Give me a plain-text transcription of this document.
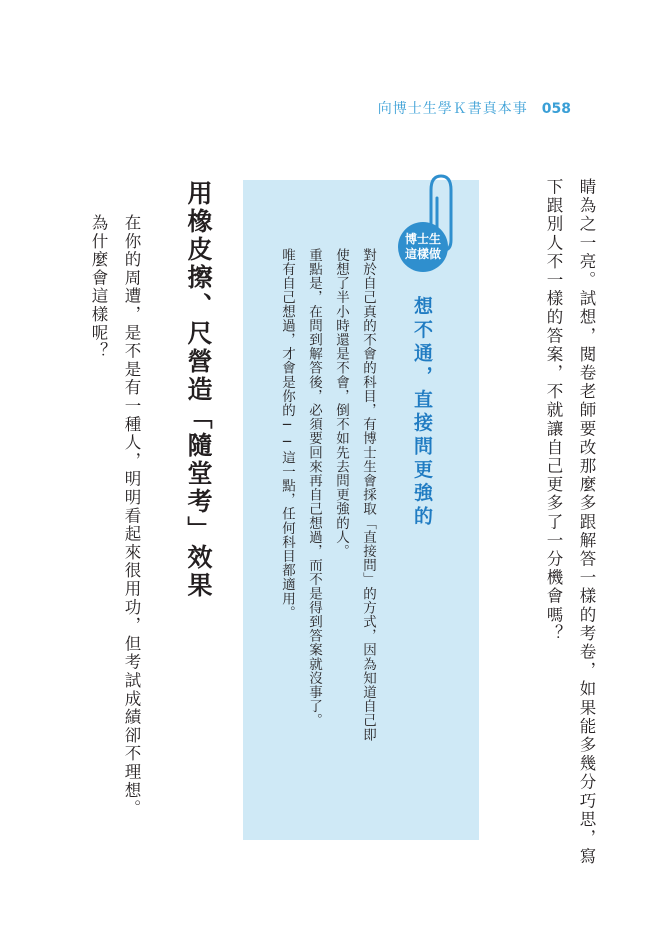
向博士生學Ｋ書真本事 058
睛為之一亮。試想，閱卷老師要改那麼多跟解答一樣的考卷，如果能多幾分巧思，寫
下跟別人不一樣的答案，不就讓自己更多了一分機會嗎？
博士生
這樣做
想不通，直接問更強的
對於自己真的不會的科目，有博士生會採取「直接問」的方式，因為知道自己即
使想了半小時還是不會，倒不如先去問更強的人。
重點是，在問到解答後，必須要回來再自己想過，而不是得到答案就沒事了。
唯有自己想過，才會是你的──這一點，任何科目都適用。
用橡皮擦、尺營造「隨堂考」效果
在你的周遭，是不是有一種人，明明看起來很用功，但考試成績卻不理想。
為什麼會這樣呢？
